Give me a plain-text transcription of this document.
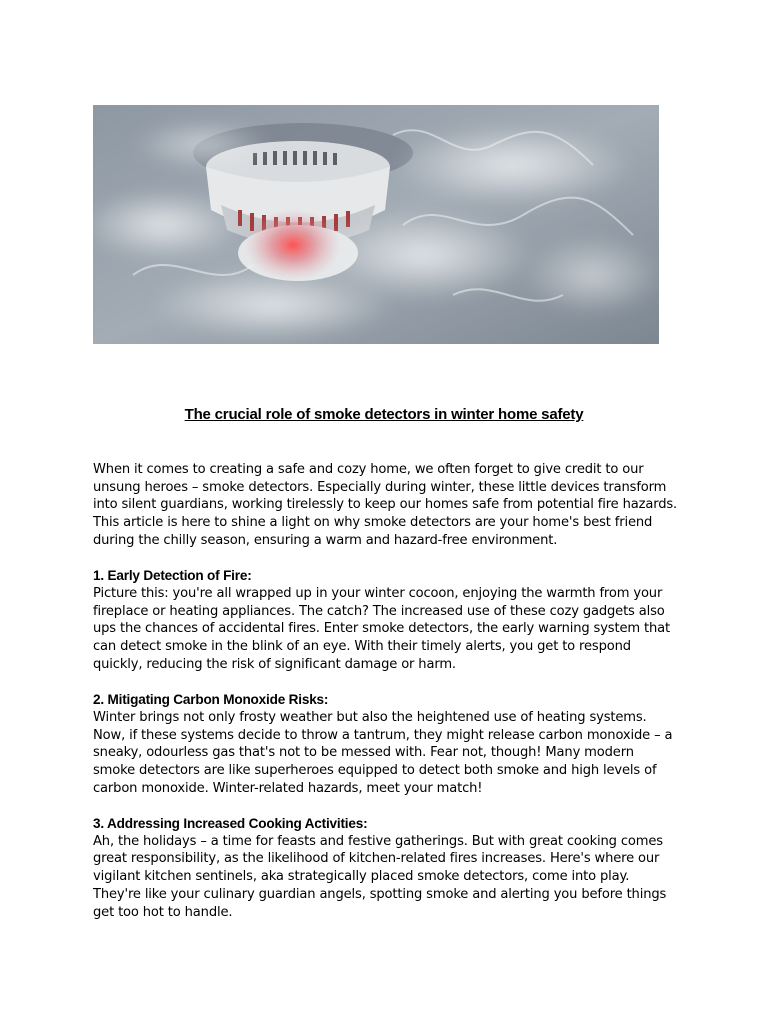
The crucial role of smoke detectors in winter home safety

When it comes to creating a safe and cozy home, we often forget to give credit to our unsung heroes – smoke detectors. Especially during winter, these little devices transform into silent guardians, working tirelessly to keep our homes safe from potential fire hazards. This article is here to shine a light on why smoke detectors are your home's best friend during the chilly season, ensuring a warm and hazard-free environment.

1. Early Detection of Fire:
Picture this: you're all wrapped up in your winter cocoon, enjoying the warmth from your fireplace or heating appliances. The catch? The increased use of these cozy gadgets also ups the chances of accidental fires. Enter smoke detectors, the early warning system that can detect smoke in the blink of an eye. With their timely alerts, you get to respond quickly, reducing the risk of significant damage or harm.

2. Mitigating Carbon Monoxide Risks:
Winter brings not only frosty weather but also the heightened use of heating systems. Now, if these systems decide to throw a tantrum, they might release carbon monoxide – a sneaky, odourless gas that's not to be messed with. Fear not, though! Many modern smoke detectors are like superheroes equipped to detect both smoke and high levels of carbon monoxide. Winter-related hazards, meet your match!

3. Addressing Increased Cooking Activities:
Ah, the holidays – a time for feasts and festive gatherings. But with great cooking comes great responsibility, as the likelihood of kitchen-related fires increases. Here's where our vigilant kitchen sentinels, aka strategically placed smoke detectors, come into play. They're like your culinary guardian angels, spotting smoke and alerting you before things get too hot to handle.
